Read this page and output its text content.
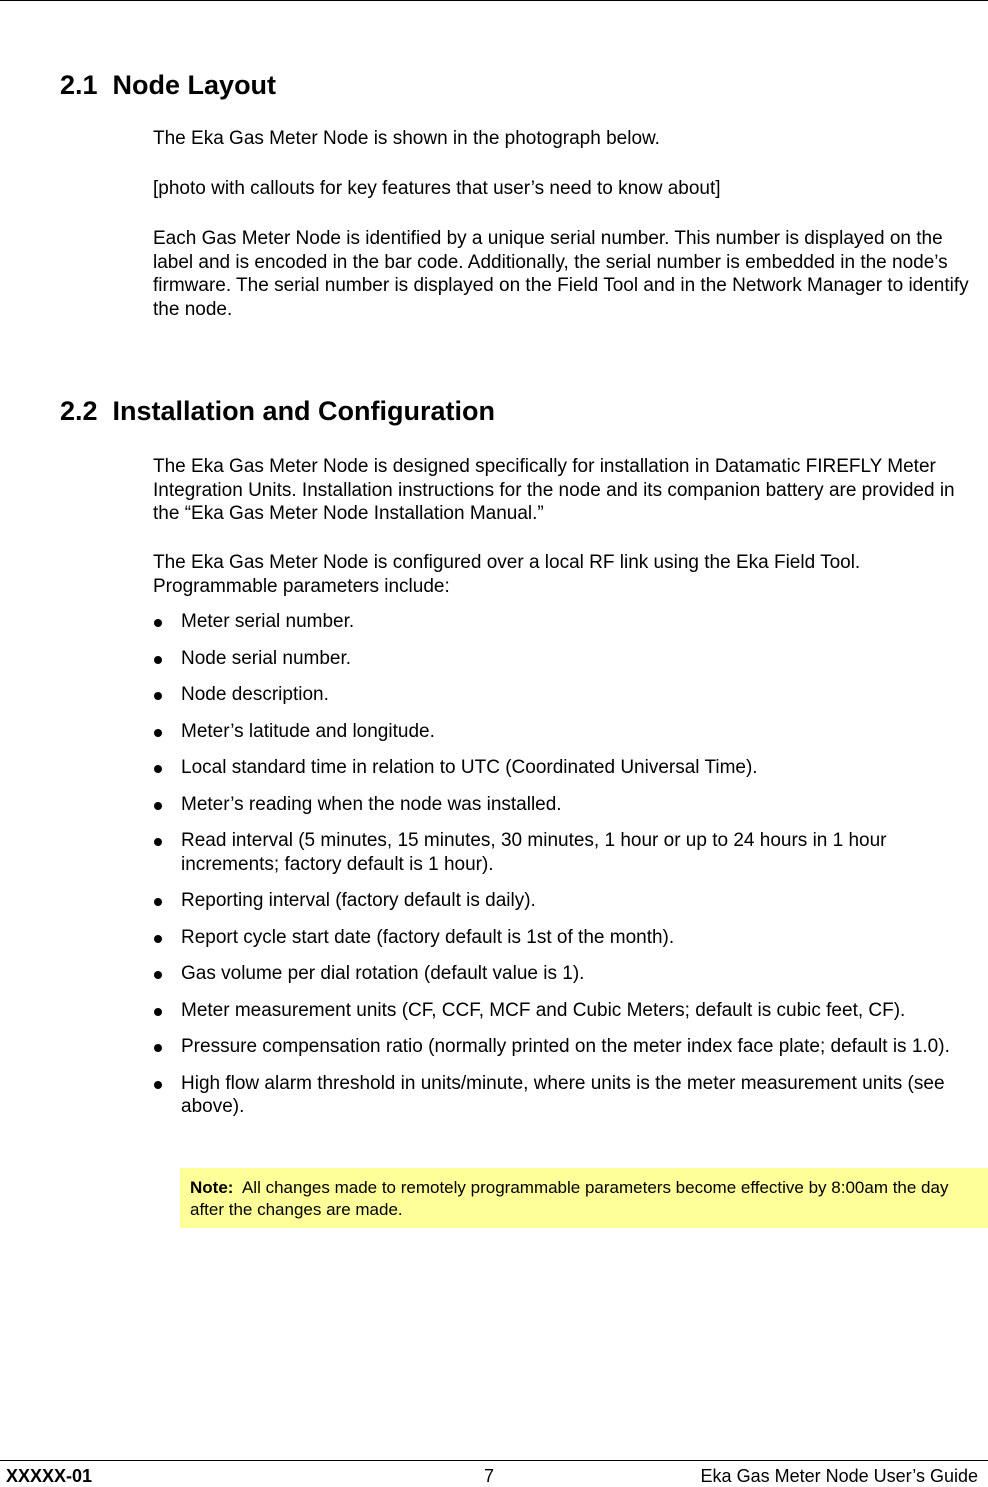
2.1  Node Layout

The Eka Gas Meter Node is shown in the photograph below.

[photo with callouts for key features that user’s need to know about]

Each Gas Meter Node is identified by a unique serial number. This number is displayed on the label and is encoded in the bar code. Additionally, the serial number is embedded in the node’s firmware. The serial number is displayed on the Field Tool and in the Network Manager to identify the node.

2.2  Installation and Configuration

The Eka Gas Meter Node is designed specifically for installation in Datamatic FIREFLY Meter Integration Units. Installation instructions for the node and its companion battery are provided in the “Eka Gas Meter Node Installation Manual.”

The Eka Gas Meter Node is configured over a local RF link using the Eka Field Tool. Programmable parameters include:

Meter serial number.
Node serial number.
Node description.
Meter’s latitude and longitude.
Local standard time in relation to UTC (Coordinated Universal Time).
Meter’s reading when the node was installed.
Read interval (5 minutes, 15 minutes, 30 minutes, 1 hour or up to 24 hours in 1 hour increments; factory default is 1 hour).
Reporting interval (factory default is daily).
Report cycle start date (factory default is 1st of the month).
Gas volume per dial rotation (default value is 1).
Meter measurement units (CF, CCF, MCF and Cubic Meters; default is cubic feet, CF).
Pressure compensation ratio (normally printed on the meter index face plate; default is 1.0).
High flow alarm threshold in units/minute, where units is the meter measurement units (see above).
Note: All changes made to remotely programmable parameters become effective by 8:00am the day after the changes are made.

XXXXX-01	7	Eka Gas Meter Node User’s Guide
